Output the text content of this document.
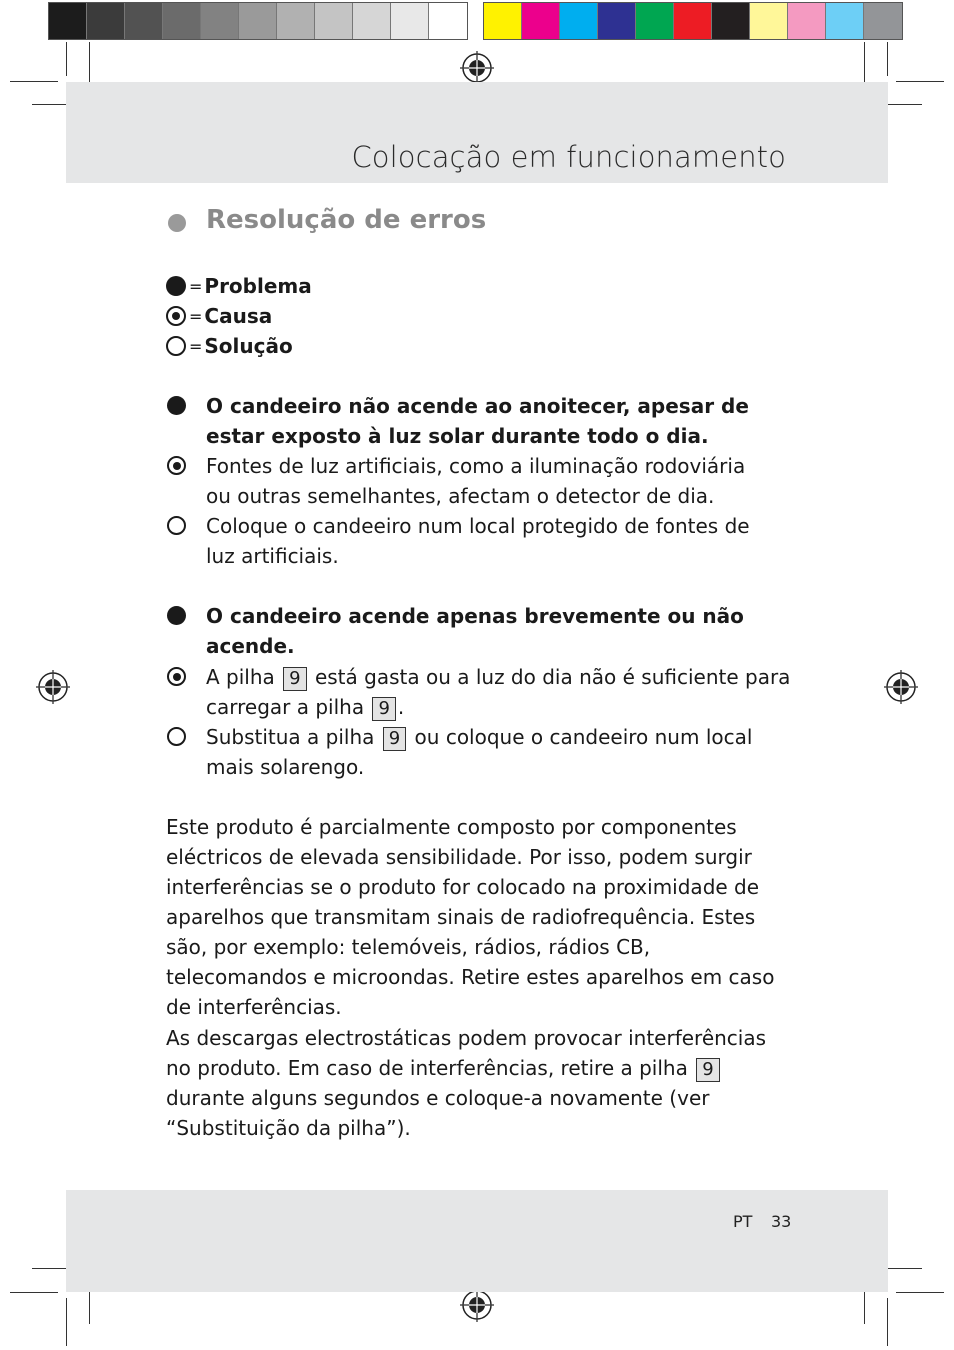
Colocação em funcionamento
Resolução de erros
= Problema
= Causa
= Solução
O candeeiro não acende ao anoitecer, apesar de estar exposto à luz solar durante todo o dia.
Fontes de luz artificiais, como a iluminação rodoviária ou outras semelhantes, afectam o detector de dia.
Coloque o candeeiro num local protegido de fontes de luz artificiais.
O candeeiro acende apenas brevemente ou não acende.
A pilha 9 está gasta ou a luz do dia não é suficiente para carregar a pilha 9 .
Substitua a pilha 9 ou coloque o candeeiro num local mais solarengo.
Este produto é parcialmente composto por componentes eléctricos de elevada sensibilidade. Por isso, podem surgir interferências se o produto for colocado na proximidade de aparelhos que transmitam sinais de radiofrequência. Estes são, por exemplo: telemóveis, rádios, rádios CB, telecomandos e microondas. Retire estes aparelhos em caso de interferências.
As descargas electrostáticas podem provocar interferências no produto. Em caso de interferências, retire a pilha 9 durante alguns segundos e coloque-a novamente (ver “Substituição da pilha”).
PT 33
